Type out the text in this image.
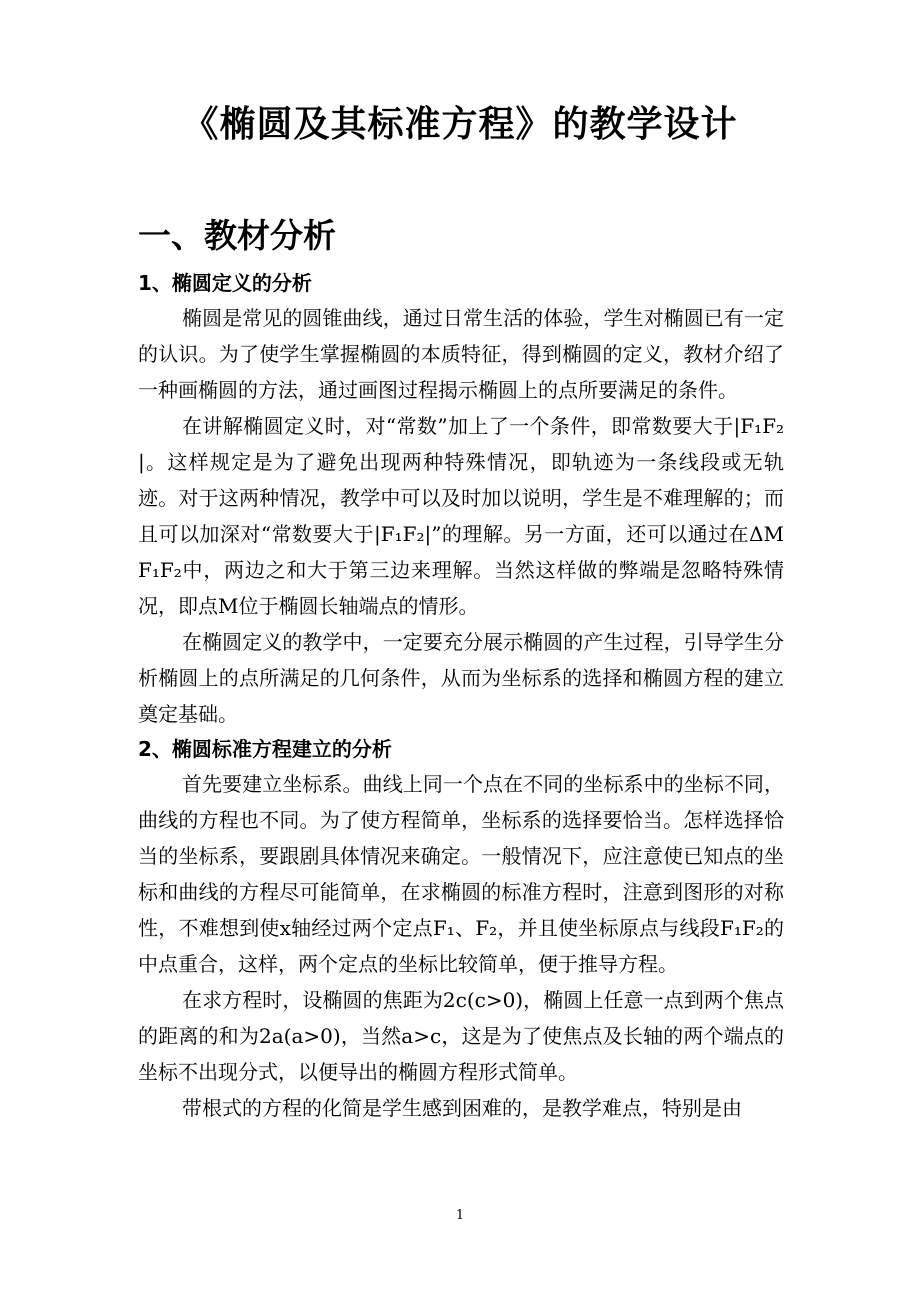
《椭圆及其标准方程》的教学设计
一、教材分析
1、椭圆定义的分析

椭圆是常见的圆锥曲线，通过日常生活的体验，学生对椭圆已有一定的认识。为了使学生掌握椭圆的本质特征，得到椭圆的定义，教材介绍了一种画椭圆的方法，通过画图过程揭示椭圆上的点所要满足的条件。

在讲解椭圆定义时，对“常数”加上了一个条件，即常数要大于|F₁F₂|。这样规定是为了避免出现两种特殊情况，即轨迹为一条线段或无轨迹。对于这两种情况，教学中可以及时加以说明，学生是不难理解的；而且可以加深对“常数要大于|F₁F₂|”的理解。另一方面，还可以通过在ΔMF₁F₂中，两边之和大于第三边来理解。当然这样做的弊端是忽略特殊情况，即点M位于椭圆长轴端点的情形。

在椭圆定义的教学中，一定要充分展示椭圆的产生过程，引导学生分析椭圆上的点所满足的几何条件，从而为坐标系的选择和椭圆方程的建立奠定基础。

2、椭圆标准方程建立的分析

首先要建立坐标系。曲线上同一个点在不同的坐标系中的坐标不同，曲线的方程也不同。为了使方程简单，坐标系的选择要恰当。怎样选择恰当的坐标系，要跟剧具体情况来确定。一般情况下，应注意使已知点的坐标和曲线的方程尽可能简单，在求椭圆的标准方程时，注意到图形的对称性，不难想到使x轴经过两个定点F₁、F₂，并且使坐标原点与线段F₁F₂的中点重合，这样，两个定点的坐标比较简单，便于推导方程。

在求方程时，设椭圆的焦距为2c(c>0)，椭圆上任意一点到两个焦点的距离的和为2a(a>0)，当然a>c，这是为了使焦点及长轴的两个端点的坐标不出现分式，以便导出的椭圆方程形式简单。

带根式的方程的化简是学生感到困难的，是教学难点，特别是由

1
